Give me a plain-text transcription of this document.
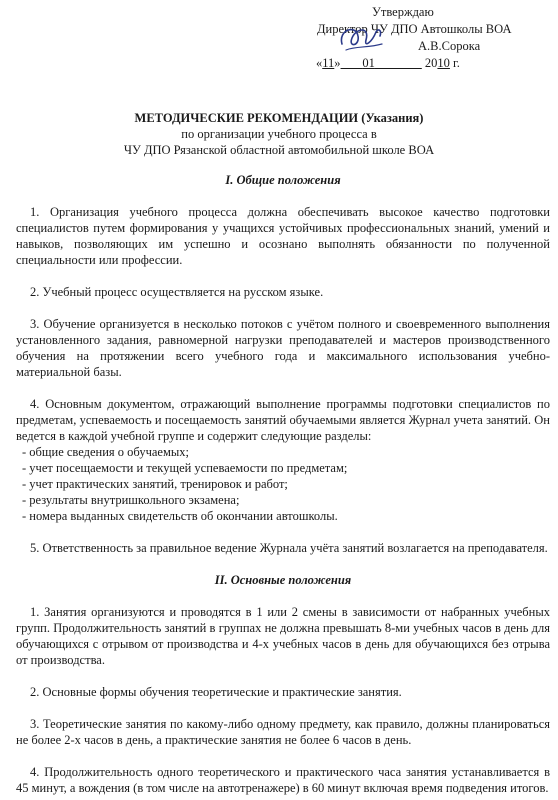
Утверждаю
Директор ЧУ ДПО Автошколы ВОА
А.В.Сорока
«11» 01	2010 г.
МЕТОДИЧЕСКИЕ РЕКОМЕНДАЦИИ (Указания)
по организации учебного процесса в
ЧУ ДПО Рязанской областной автомобильной школе ВОА

I. Общие положения

1. Организация учебного процесса должна обеспечивать высокое качество подготовки специалистов путем формирования у учащихся устойчивых профессиональных знаний, умений и навыков, позволяющих им успешно и осознано выполнять обязанности по полученной специальности или профессии.

2. Учебный процесс осуществляется на русском языке.

3. Обучение организуется в несколько потоков с учётом полного и своевременного выполнения установленного задания, равномерной нагрузки преподавателей и мастеров производственного обучения на протяжении всего учебного года и максимального использования учебно-материальной базы.

4. Основным документом, отражающий выполнение программы подготовки специалистов по предметам, успеваемость и посещаемость занятий обучаемыми является Журнал учета занятий. Он ведется в каждой учебной группе и содержит следующие разделы:

- общие сведения о обучаемых;

- учет посещаемости и текущей успеваемости по предметам;

- учет практических занятий, тренировок и работ;

- результаты внутришкольного экзамена;

- номера выданных свидетельств об окончании автошколы.

5. Ответственность за правильное ведение Журнала учёта занятий возлагается на преподавателя.

II. Основные положения

1. Занятия организуются и проводятся в 1 или 2 смены в зависимости от набранных учебных групп. Продолжительность занятий в группах не должна превышать 8-ми учебных часов в день для обучающихся с отрывом от производства и 4-х учебных часов в день для обучающихся без отрыва от производства.

2. Основные формы обучения теоретические и практические занятия.

3. Теоретические занятия по какому-либо одному предмету, как правило, должны планироваться не более 2-х часов в день, а практические занятия не более 6 часов в день.

4. Продолжительность одного теоретического и практического часа занятия устанавливается в 45 минут, а вождения (в том числе на автотренажере) в 60 минут включая время подведения итогов.
